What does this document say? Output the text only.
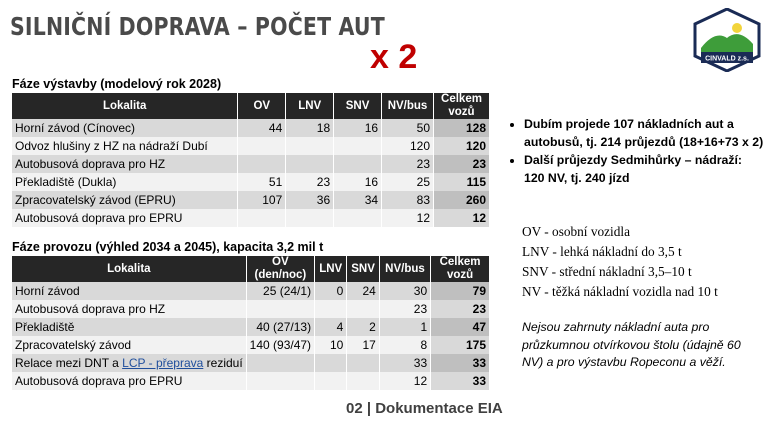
SILNIČNÍ DOPRAVA – POČET AUT
x 2	CINVALD z.s.
Fáze výstavby (modelový rok 2028)
Lokalita	OV	LNV	SNV	NV/bus	Celkem vozů
Horní závod (Cínovec)	44	18	16	50	128
Odvoz hlušiny z HZ na nádraží Dubí				120	120
Autobusová doprava pro HZ				23	23
Překladiště (Dukla)	51	23	16	25	115
Zpracovatelský závod (EPRU)	107	36	34	83	260
Autobusová doprava pro EPRU				12	12
Fáze provozu (výhled 2034 a 2045), kapacita 3,2 mil t
Lokalita	OV (den/noc)	LNV	SNV	NV/bus	Celkem vozů
Horní závod	25 (24/1)	0	24	30	79
Autobusová doprava pro HZ				23	23
Překladiště	40 (27/13)	4	2	1	47
Zpracovatelský závod	140 (93/47)	10	17	8	175
Relace mezi DNT a LCP - přeprava reziduí				33	33
Autobusová doprava pro EPRU				12	33
• Dubím projede 107 nákladních aut a autobusů, tj. 214 průjezdů (18+16+73 x 2)
• Další průjezdy Sedmihůrky – nádraží: 120 NV, tj. 240 jízd
OV - osobní vozidla
LNV - lehká nákladní do 3,5 t
SNV - střední nákladní 3,5–10 t
NV - těžká nákladní vozidla nad 10 t
Nejsou zahrnuty nákladní auta pro průzkumnou otvírkovou štolu (údajně 60 NV) a pro výstavbu Ropeconu a věží.
02 | Dokumentace EIA
